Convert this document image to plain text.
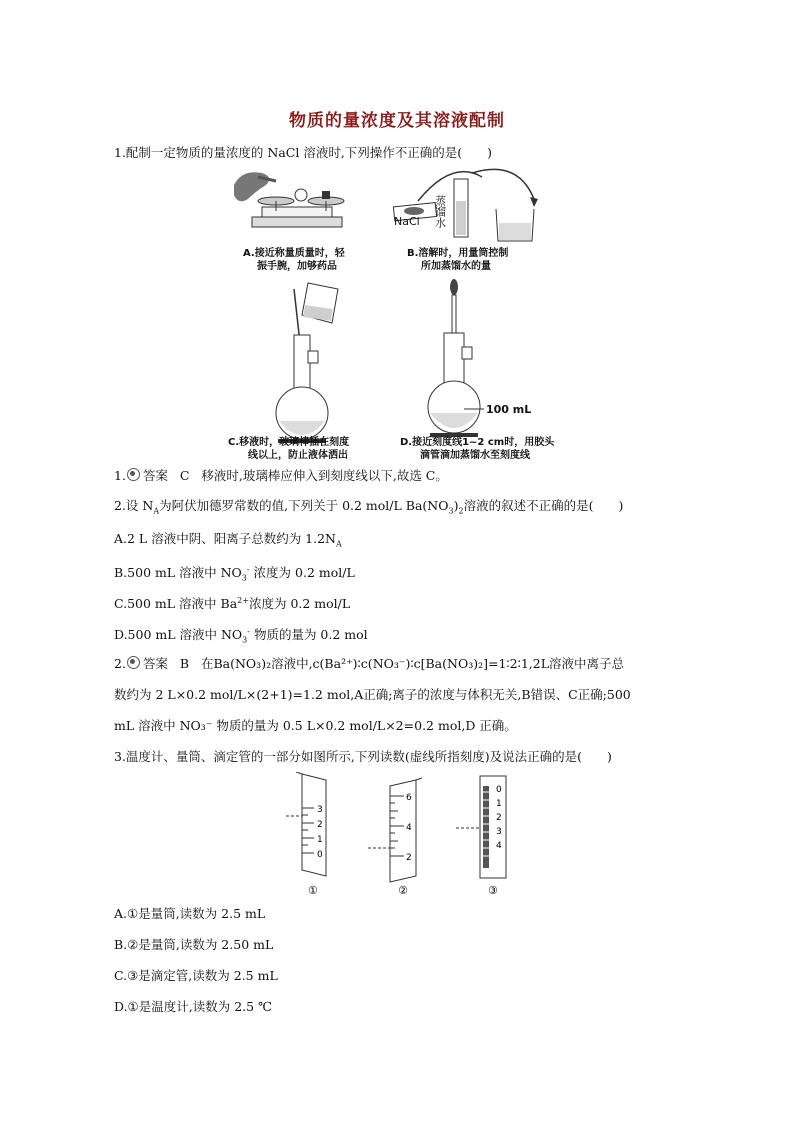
物质的量浓度及其溶液配制
1.配制一定物质的量浓度的 NaCl 溶液时,下列操作不正确的是(　　)
NaCl 蒸馏水
100 mL
A.接近称量质量时，轻
振手腕，加够药品
B.溶解时，用量筒控制
所加蒸馏水的量
C.移液时，玻璃棒插在刻度
线以上，防止液体洒出
D.接近刻度线1~2 cm时，用胶头
滴管滴加蒸馏水至刻度线
1. 答案 C 移液时,玻璃棒应伸入到刻度线以下,故选 C。
2.设 $N_A$为阿伏加德罗常数的值,下列关于 0.2 mol/L $Ba(NO_3)_2$溶液的叙述不正确的是(　　)
A.2 L 溶液中阴、阳离子总数约为 $1.2N_A$
B.500 mL 溶液中 $NO_3^-$ 浓度为 0.2 mol/L
C.500 mL 溶液中 $Ba^{2+}$浓度为 0.2 mol/L
D.500 mL 溶液中 $NO_3^-$ 物质的量为 0.2 mol
2. 答案 B 在Ba(NO₃)₂溶液中,c(Ba²⁺)∶c(NO₃⁻)∶c[Ba(NO₃)₂]=1∶2∶1,2L溶液中离子总
数约为 2 L×0.2 mol/L×(2+1)=1.2 mol,A正确;离子的浓度与体积无关,B错误、C正确;500
mL 溶液中 NO₃⁻ 物质的量为 0.5 L×0.2 mol/L×2=0.2 mol,D 正确。
3.温度计、量筒、滴定管的一部分如图所示,下列读数(虚线所指刻度)及说法正确的是(　　)
3
2
1
0
①
6
4
2
②
0
1
2
3
4
③
A.①是量筒,读数为 2.5 mL
B.②是量筒,读数为 2.50 mL
C.③是滴定管,读数为 2.5 mL
D.①是温度计,读数为 2.5 ℃
